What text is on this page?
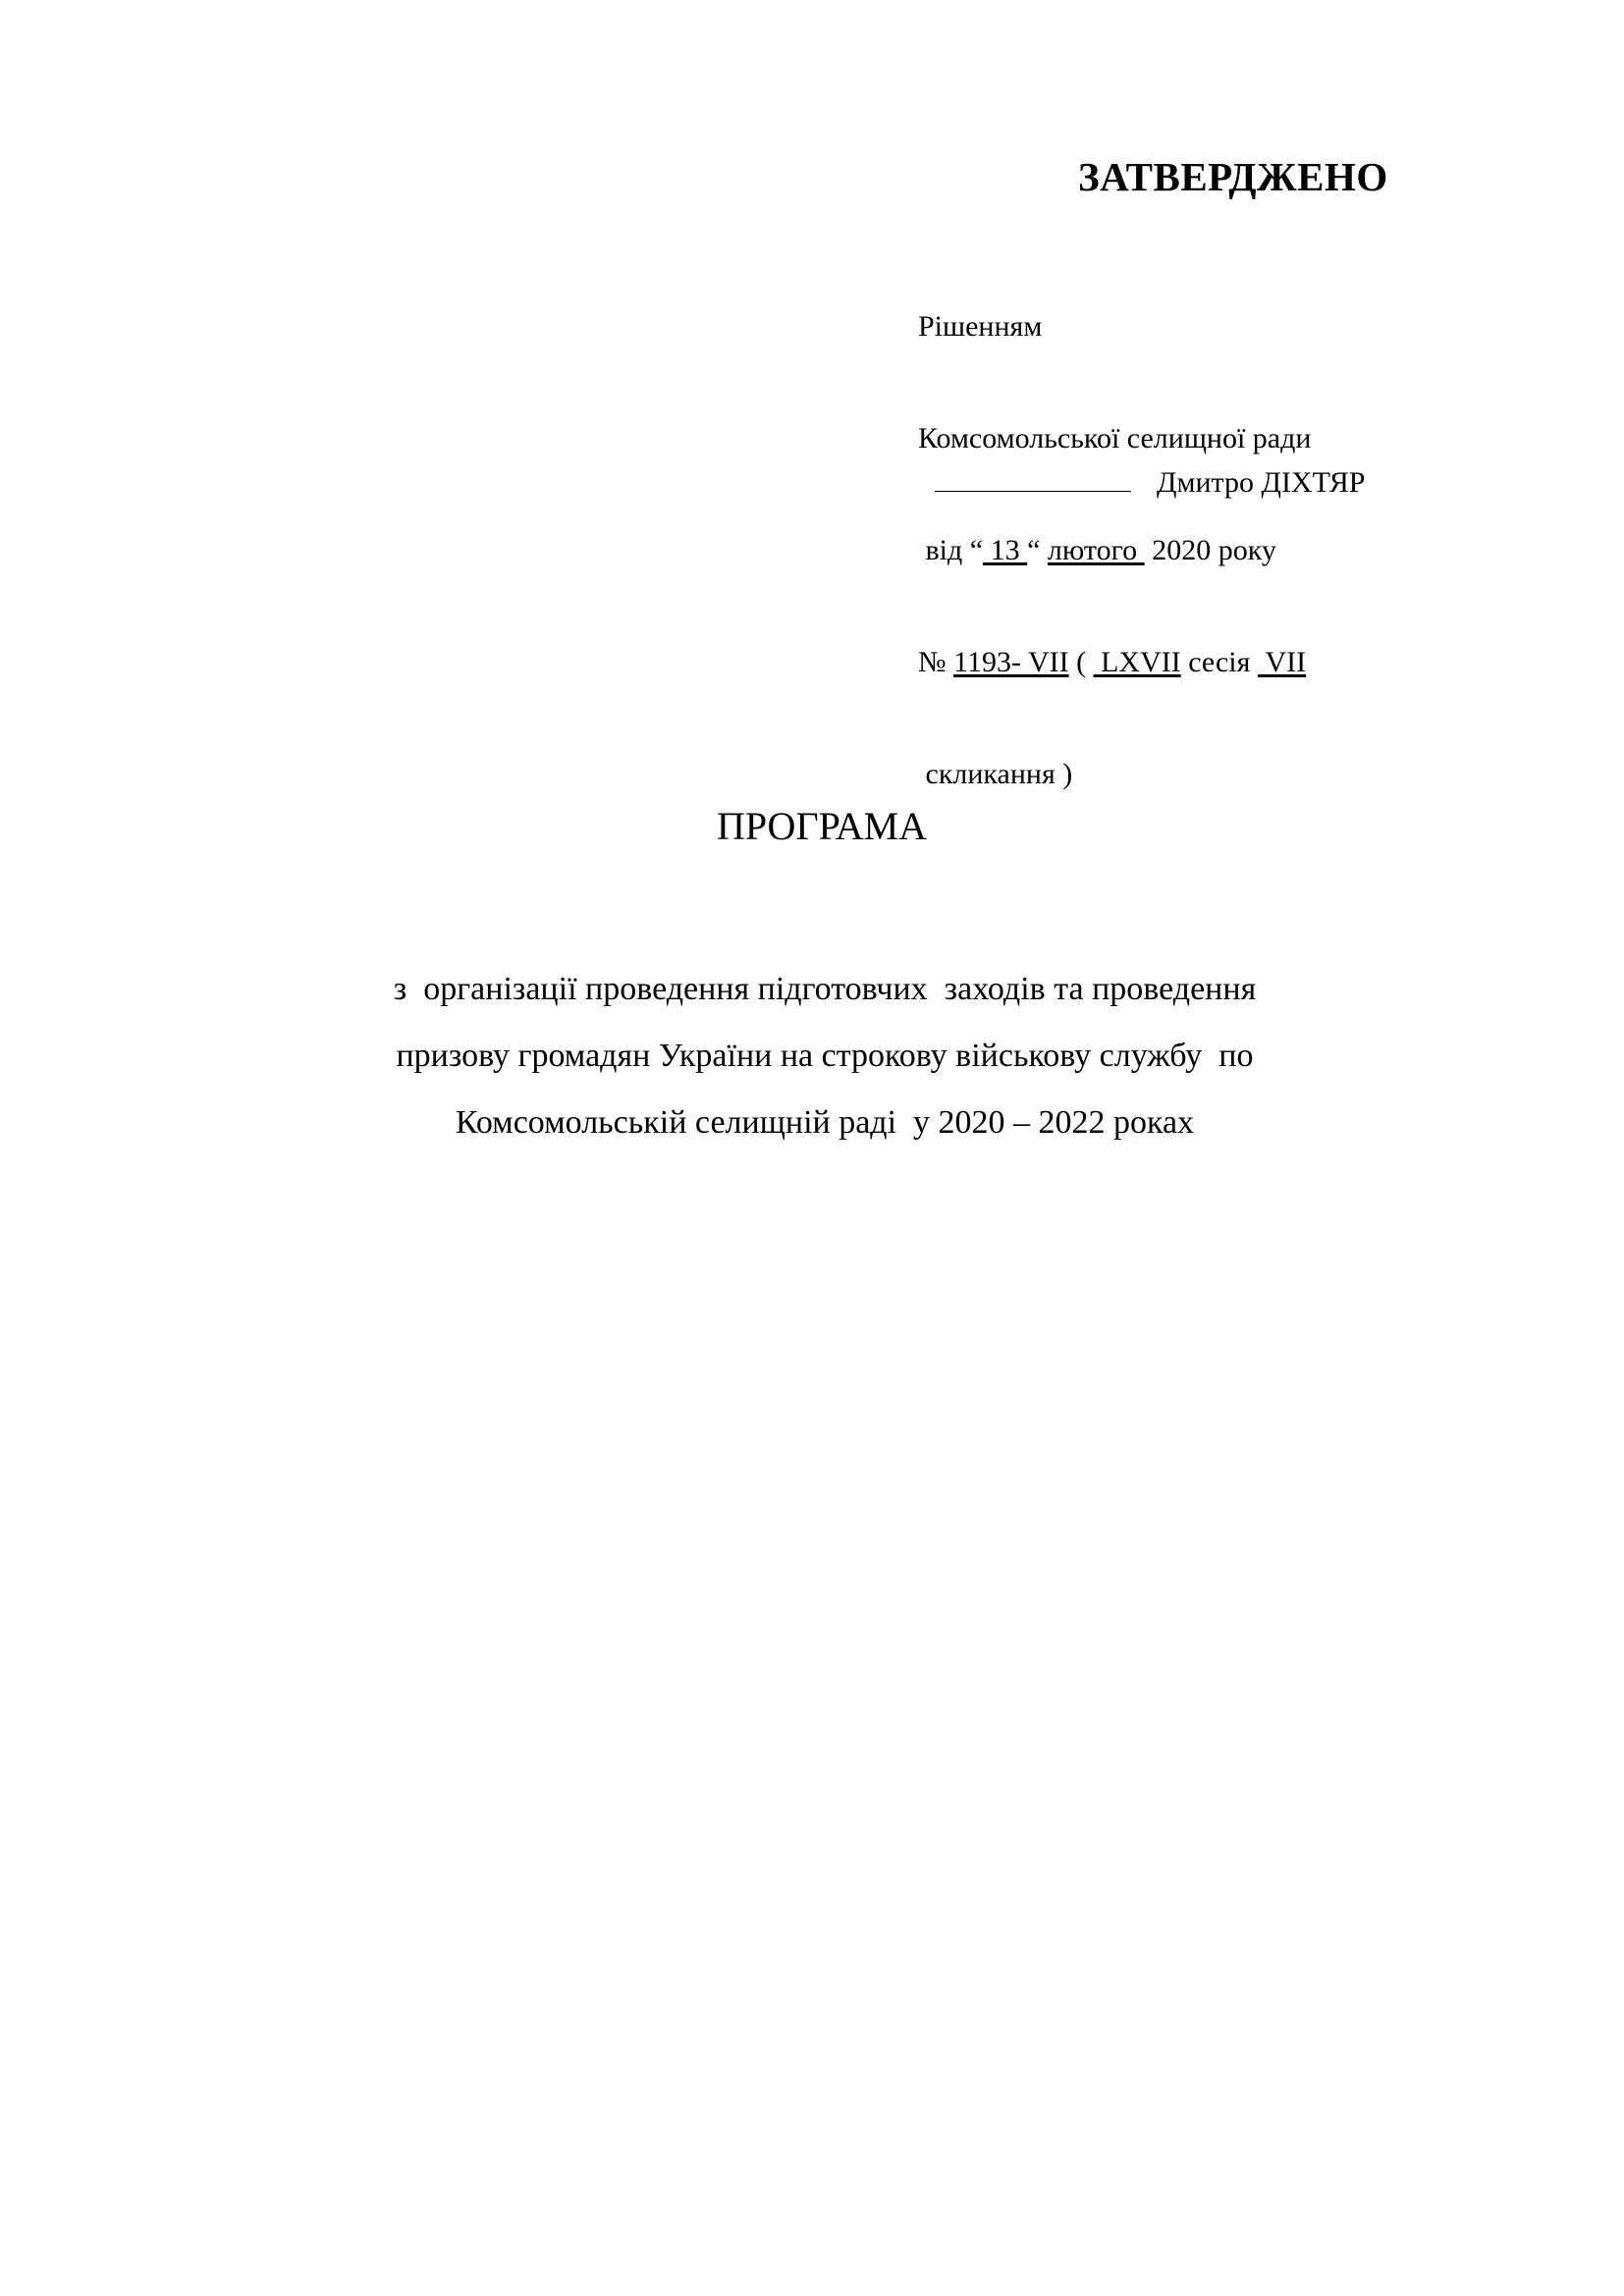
ЗАТВЕРДЖЕНО

Рішенням

Комсомольської селищної ради

від “ 13 “ лютого  2020 року

№ 1193- VII (  LXVII сесія  VII

скликання )

Дмитро ДІХТЯР
ПРОГРАМА
з  організації проведення підготовчих  заходів та проведення
призову громадян України на строкову військову службу  по
Комсомольській селищній раді  у 2020 – 2022 роках
